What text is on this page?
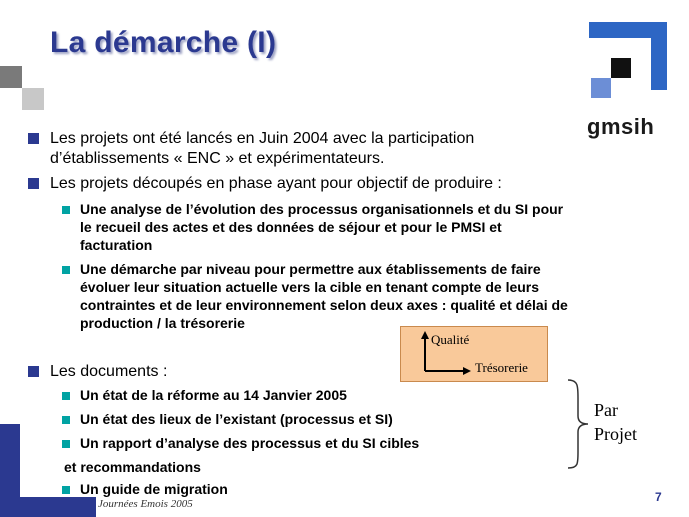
La démarche (I)
gmsih
Les projets ont été lancés en Juin 2004 avec la participation
d’établissements « ENC » et expérimentateurs.
Les projets découpés en phase ayant pour objectif de produire :
Une analyse de l’évolution des processus organisationnels et du SI pour
le recueil des actes et des données de séjour et pour le PMSI et
facturation
Une démarche par niveau pour permettre aux établissements de faire
évoluer leur situation actuelle vers la cible en tenant compte de leurs
contraintes et de leur environnement selon deux axes : qualité et délai de
production / la trésorerie
Qualité
Trésorerie
Les documents :
Un état de la réforme au 14 Janvier 2005
Un état des lieux de l’existant (processus et SI)
Un rapport d’analyse des processus et du SI cibles
et recommandations
Un guide de migration
Par
Projet
Journées Emois 2005	7
